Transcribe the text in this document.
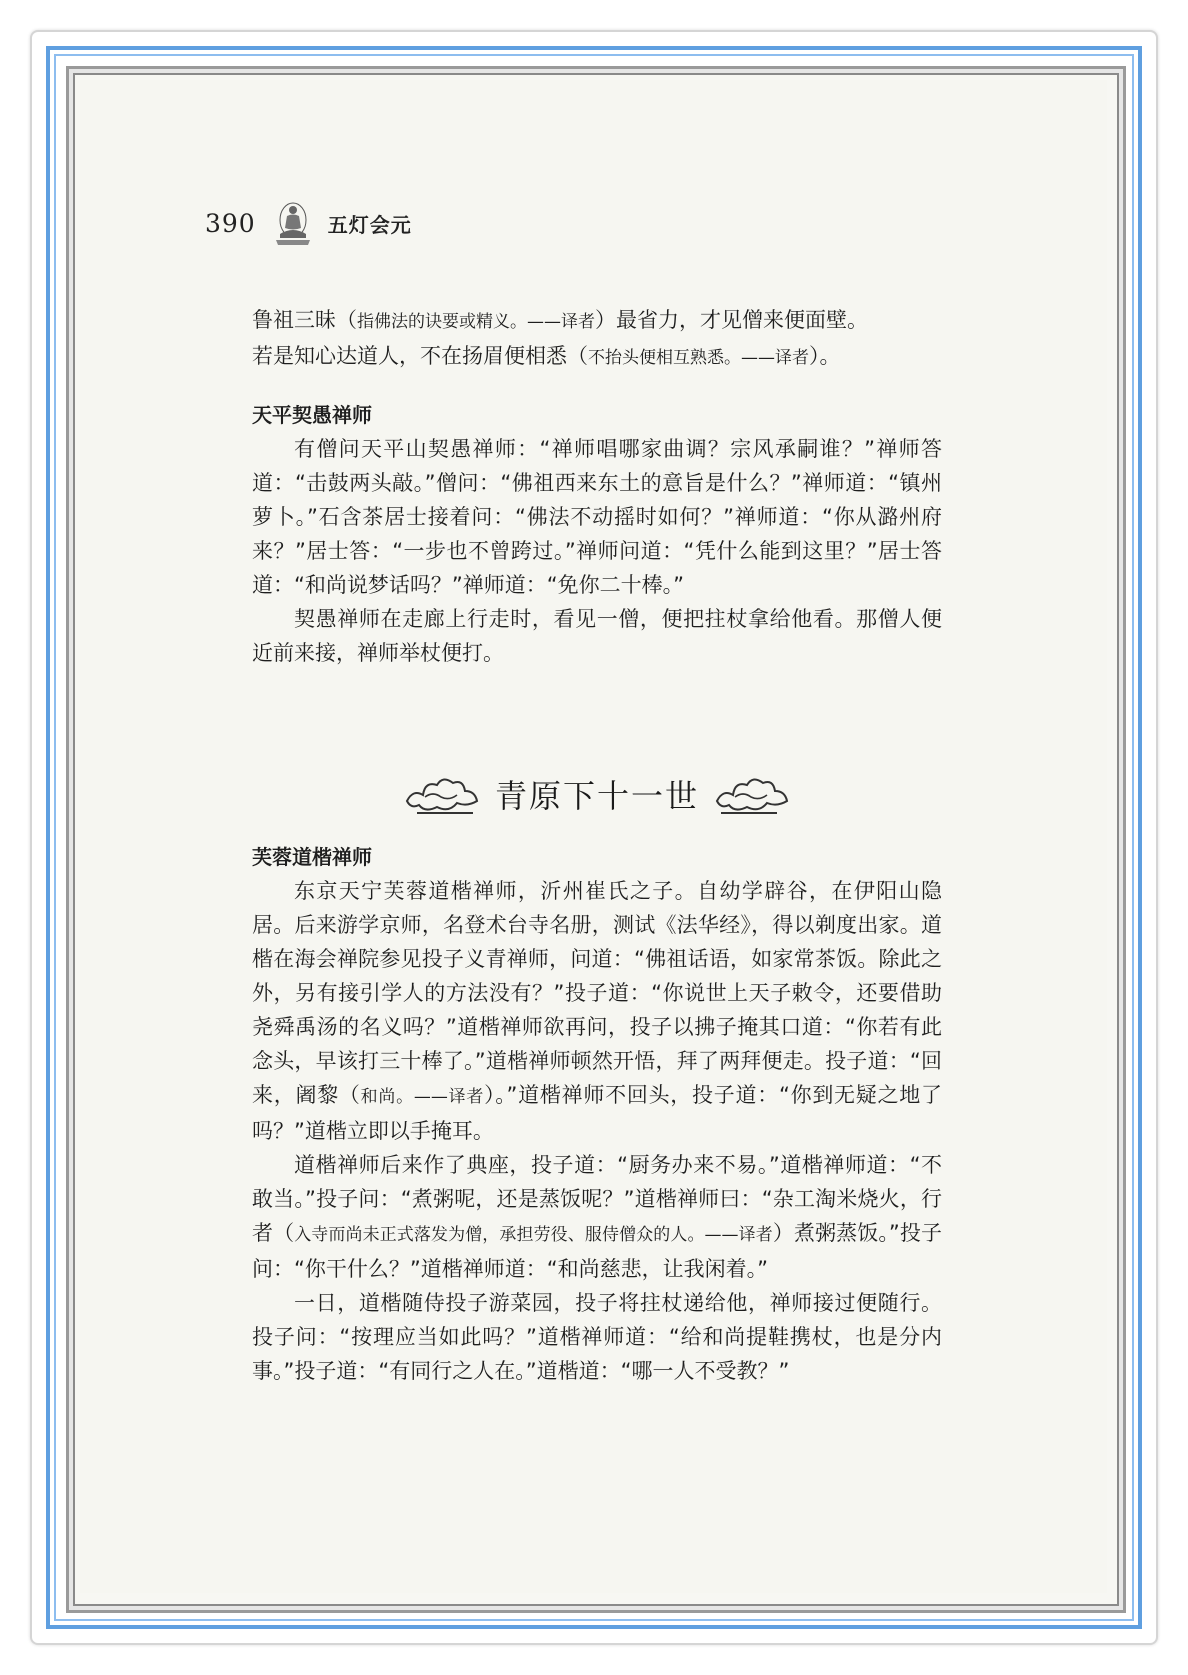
390	五灯会元

鲁祖三昧（指佛法的诀要或精义。——译者）最省力，才见僧来便面壁。

若是知心达道人，不在扬眉便相悉（不抬头便相互熟悉。——译者）。

天平契愚禅师

有僧问天平山契愚禅师：“禅师唱哪家曲调？宗风承嗣谁？”禅师答道：“击鼓两头敲。”僧问：“佛祖西来东土的意旨是什么？”禅师道：“镇州萝卜。”石含茶居士接着问：“佛法不动摇时如何？”禅师道：“你从潞州府来？”居士答：“一步也不曾跨过。”禅师问道：“凭什么能到这里？”居士答道：“和尚说梦话吗？”禅师道：“免你二十棒。”

契愚禅师在走廊上行走时，看见一僧，便把拄杖拿给他看。那僧人便近前来接，禅师举杖便打。

青原下十一世
芙蓉道楷禅师

东京天宁芙蓉道楷禅师，沂州崔氏之子。自幼学辟谷，在伊阳山隐居。后来游学京师，名登术台寺名册，测试《法华经》，得以剃度出家。道楷在海会禅院参见投子义青禅师，问道：“佛祖话语，如家常茶饭。除此之外，另有接引学人的方法没有？”投子道：“你说世上天子敕令，还要借助尧舜禹汤的名义吗？”道楷禅师欲再问，投子以拂子掩其口道：“你若有此念头，早该打三十棒了。”道楷禅师顿然开悟，拜了两拜便走。投子道：“回来，阇黎（和尚。——译者）。”道楷禅师不回头，投子道：“你到无疑之地了吗？”道楷立即以手掩耳。

道楷禅师后来作了典座，投子道：“厨务办来不易。”道楷禅师道：“不敢当。”投子问：“煮粥呢，还是蒸饭呢？”道楷禅师曰：“杂工淘米烧火，行者（入寺而尚未正式落发为僧，承担劳役、服侍僧众的人。——译者）煮粥蒸饭。”投子问：“你干什么？”道楷禅师道：“和尚慈悲，让我闲着。”

一日，道楷随侍投子游菜园，投子将拄杖递给他，禅师接过便随行。投子问：“按理应当如此吗？”道楷禅师道：“给和尚提鞋携杖，也是分内事。”投子道：“有同行之人在。”道楷道：“哪一人不受教？”
